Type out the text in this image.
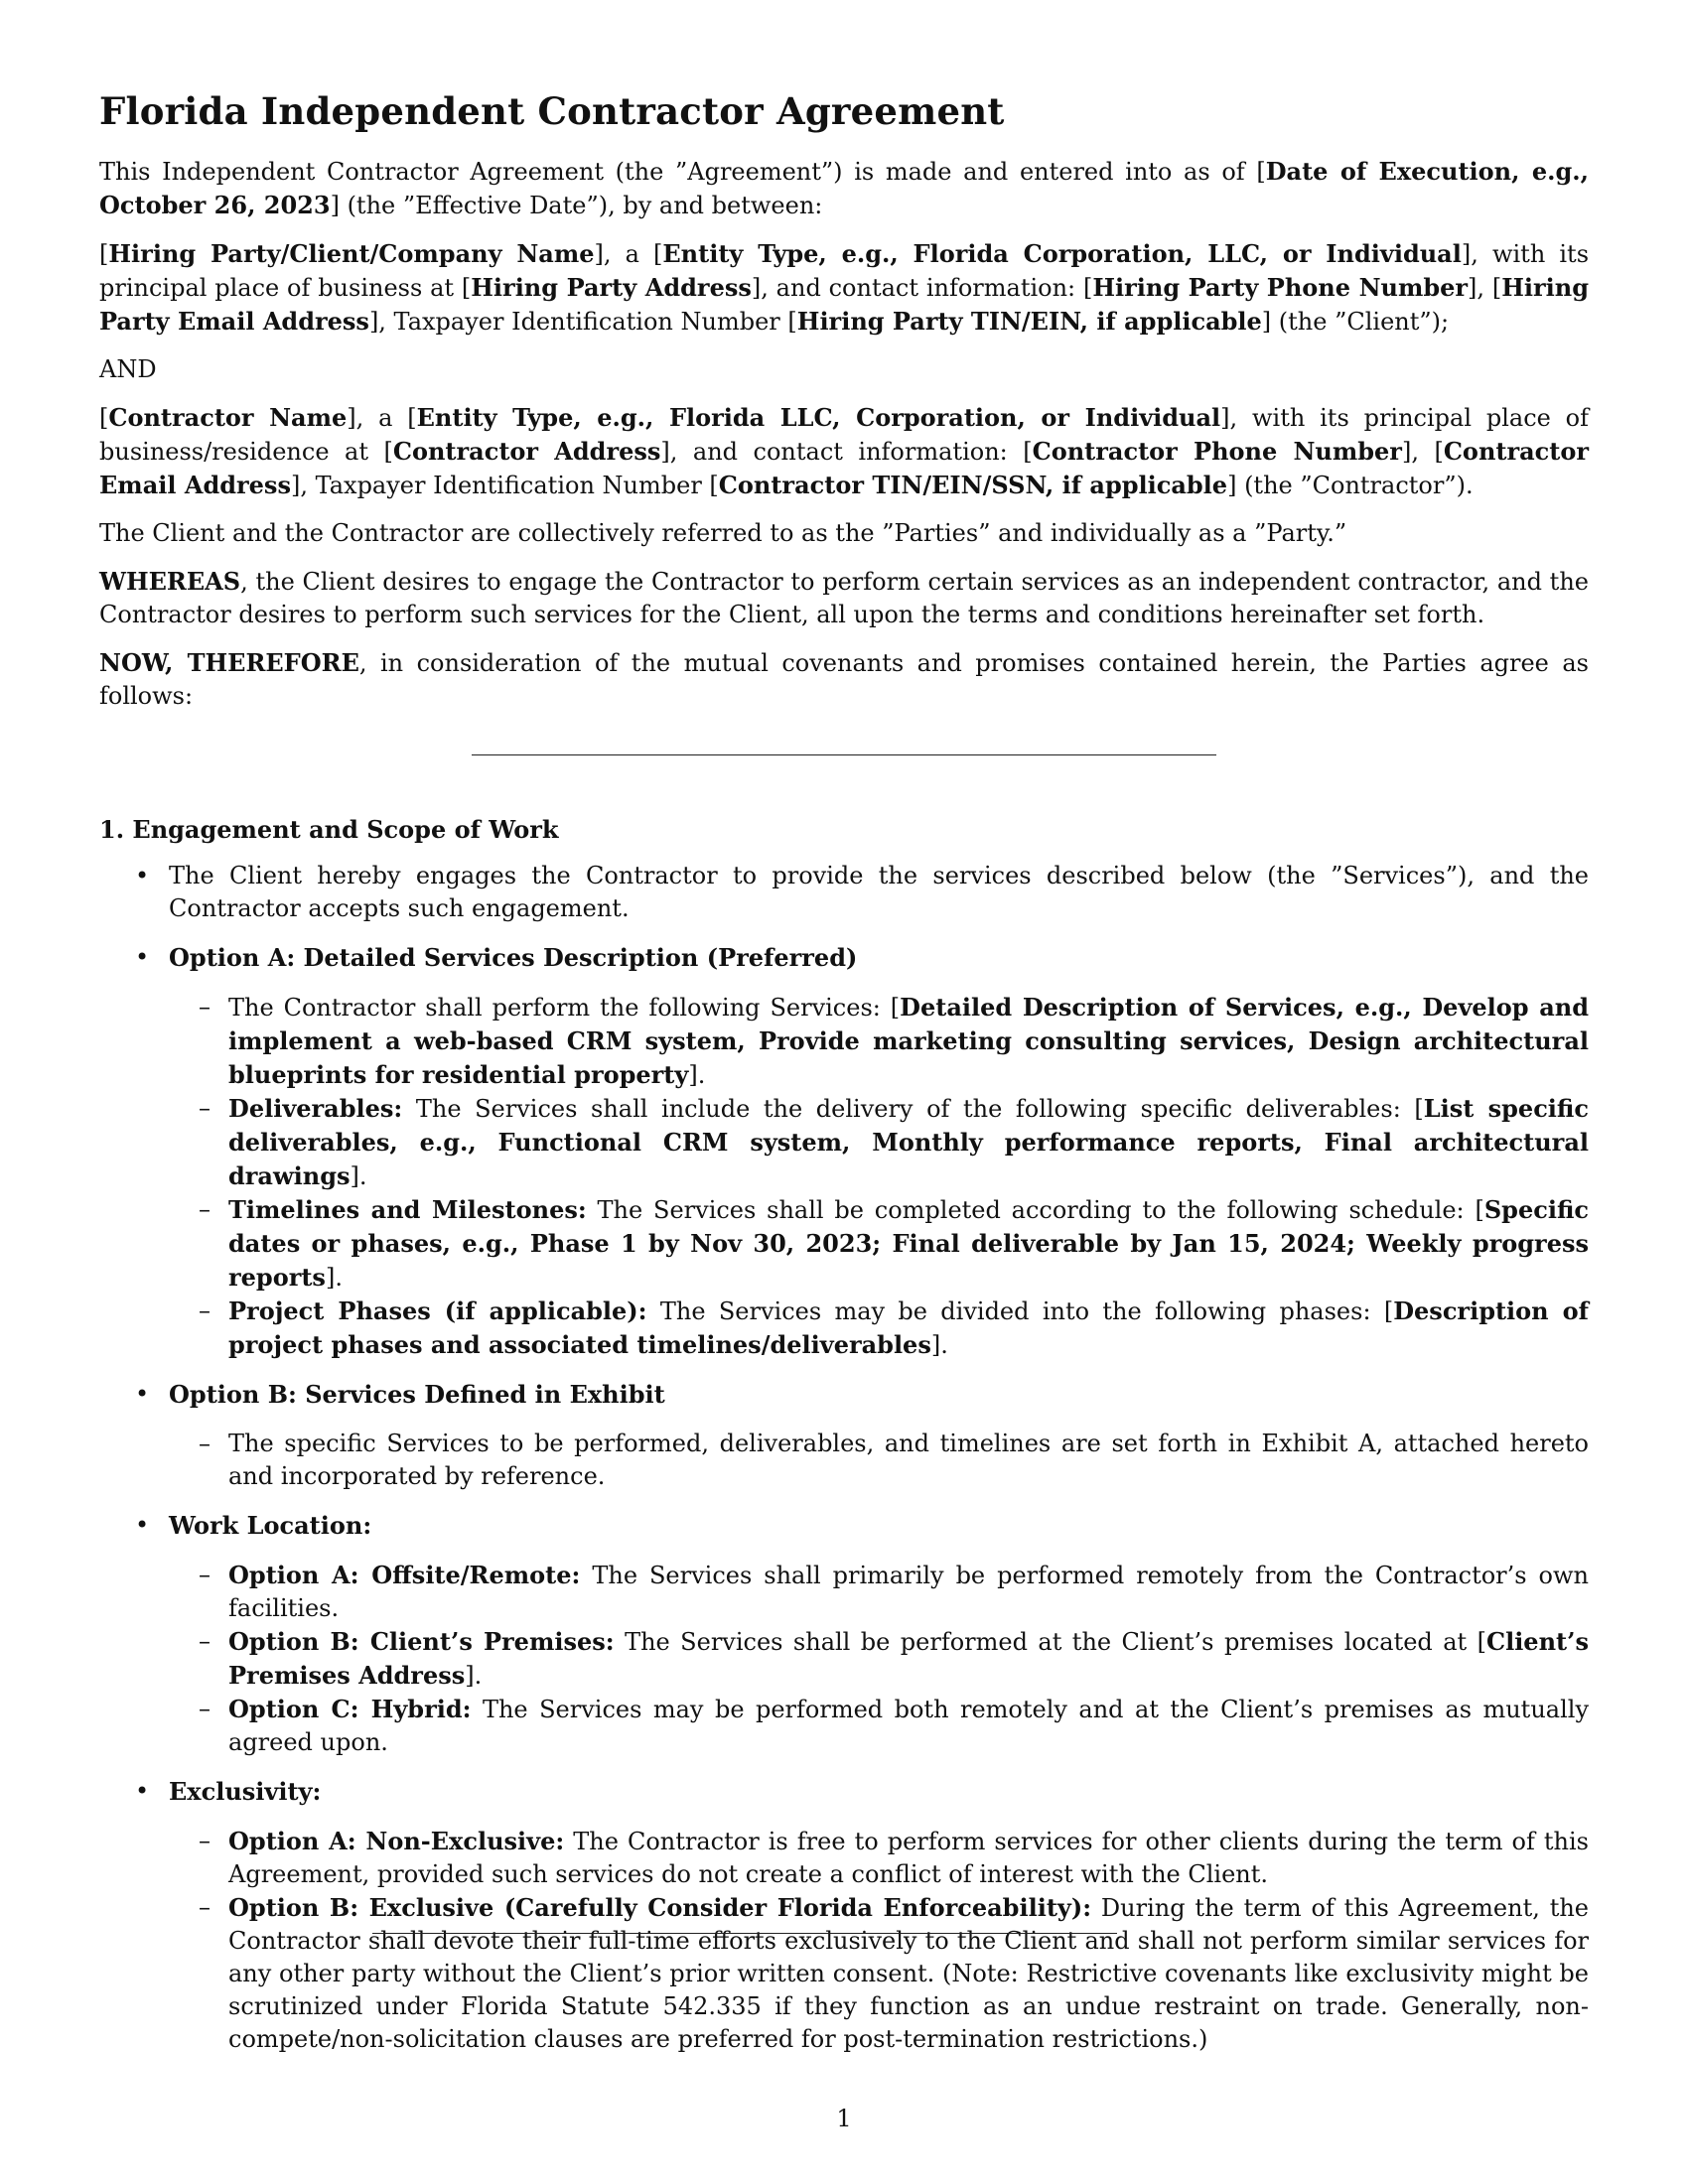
Florida Independent Contractor Agreement

This Independent Contractor Agreement (the ”Agreement”) is made and entered into as of [Date of Execution, e.g., October 26, 2023] (the ”Effective Date”), by and between:

[Hiring Party/Client/Company Name], a [Entity Type, e.g., Florida Corporation, LLC, or Individual], with its principal place of business at [Hiring Party Address], and contact information: [Hiring Party Phone Number], [Hiring Party Email Address], Taxpayer Identification Number [Hiring Party TIN/EIN, if applicable] (the ”Client”);

AND

[Contractor Name], a [Entity Type, e.g., Florida LLC, Corporation, or Individual], with its principal place of business/residence at [Contractor Address], and contact information: [Contractor Phone Number], [Contractor Email Address], Taxpayer Identification Number [Contractor TIN/EIN/SSN, if applicable] (the ”Contractor”).

The Client and the Contractor are collectively referred to as the ”Parties” and individually as a ”Party.”

WHEREAS, the Client desires to engage the Contractor to perform certain services as an independent contractor, and the Contractor desires to perform such services for the Client, all upon the terms and conditions hereinafter set forth.

NOW, THEREFORE, in consideration of the mutual covenants and promises contained herein, the Parties agree as follows:

1. Engagement and Scope of Work
• The Client hereby engages the Contractor to provide the services described below (the ”Services”), and the Contractor accepts such engagement.
• Option A: Detailed Services Description (Preferred)
– The Contractor shall perform the following Services: [Detailed Description of Services, e.g., Develop and implement a web-based CRM system, Provide marketing consulting services, Design architectural blueprints for residential property].
– Deliverables: The Services shall include the delivery of the following specific deliverables: [List specific deliverables, e.g., Functional CRM system, Monthly performance reports, Final architectural drawings].
– Timelines and Milestones: The Services shall be completed according to the following schedule: [Specific dates or phases, e.g., Phase 1 by Nov 30, 2023; Final deliverable by Jan 15, 2024; Weekly progress reports].
– Project Phases (if applicable): The Services may be divided into the following phases: [Description of project phases and associated timelines/deliverables].
• Option B: Services Defined in Exhibit
– The specific Services to be performed, deliverables, and timelines are set forth in Exhibit A, attached hereto and incorporated by reference.
• Work Location:
– Option A: Offsite/Remote: The Services shall primarily be performed remotely from the Contractor’s own facilities.
– Option B: Client’s Premises: The Services shall be performed at the Client’s premises located at [Client’s Premises Address].
– Option C: Hybrid: The Services may be performed both remotely and at the Client’s premises as mutually agreed upon.
• Exclusivity:
– Option A: Non-Exclusive: The Contractor is free to perform services for other clients during the term of this Agreement, provided such services do not create a conflict of interest with the Client.
– Option B: Exclusive (Carefully Consider Florida Enforceability): During the term of this Agreement, the Contractor shall devote their full-time efforts exclusively to the Client and shall not perform similar services for any other party without the Client’s prior written consent. (Note: Restrictive covenants like exclusivity might be scrutinized under Florida Statute 542.335 if they function as an undue restraint on trade. Generally, non-compete/non-solicitation clauses are preferred for post-termination restrictions.)
1
